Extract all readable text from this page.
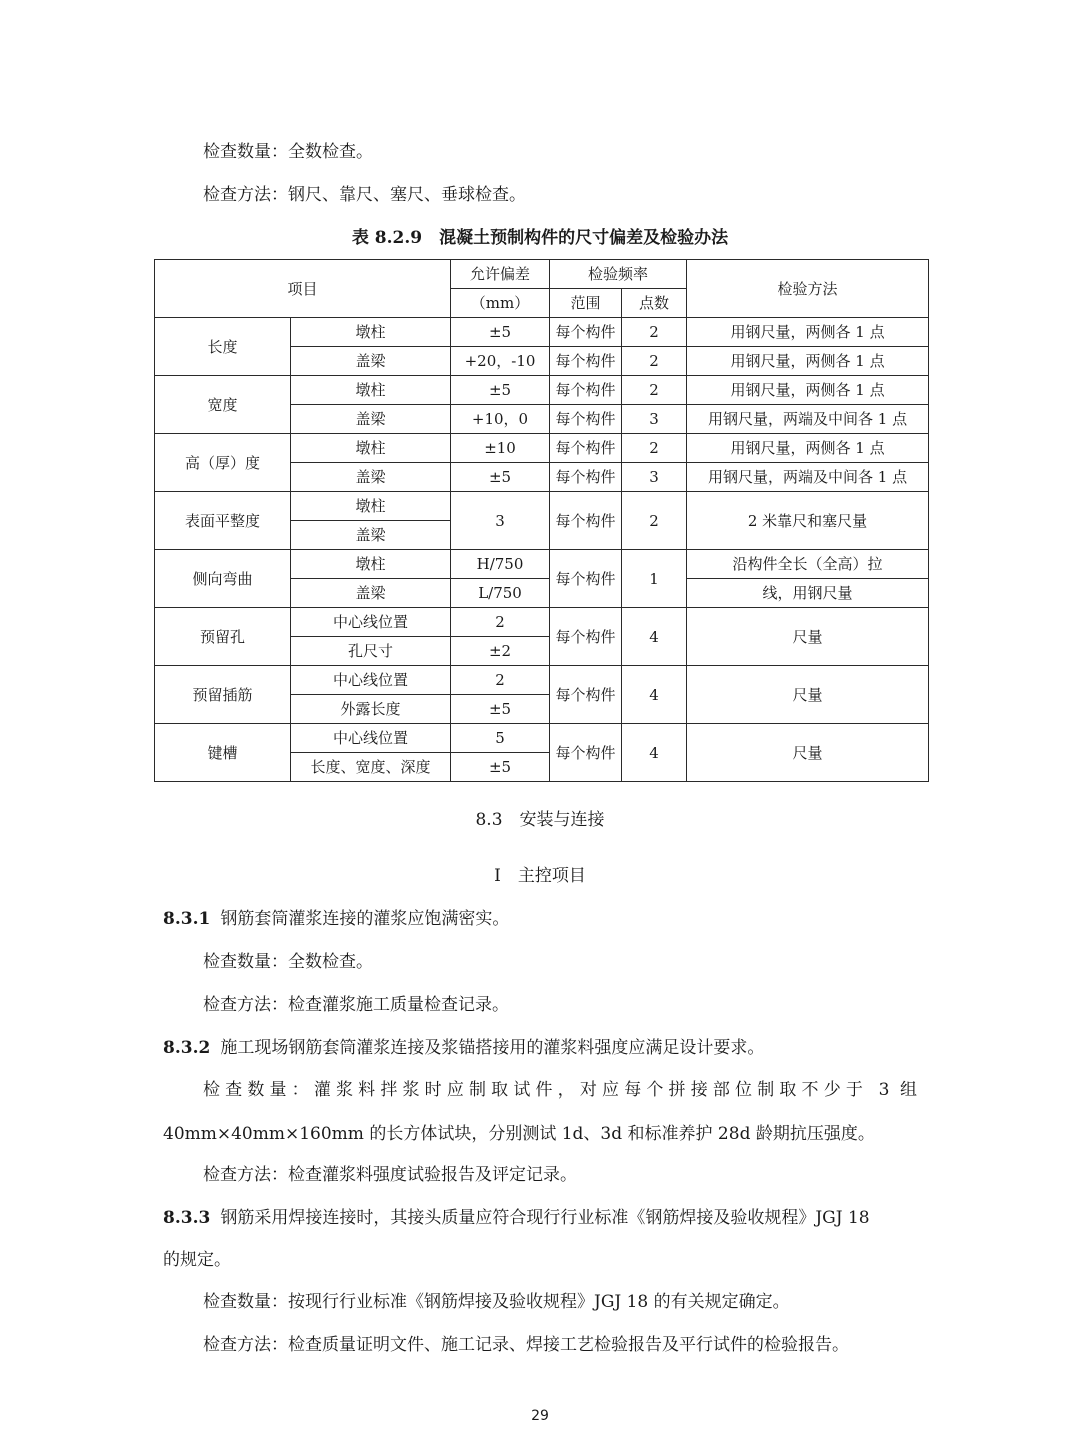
检查数量：全数检查。
检查方法：钢尺、靠尺、塞尺、垂球检查。
表 8.2.9　混凝土预制构件的尺寸偏差及检验办法
项目		允许偏差	检验频率		检验方法
		（mm）	范围	点数	
长度	墩柱	±5	每个构件	2	用钢尺量，两侧各 1 点
	盖梁	+20，-10	每个构件	2	用钢尺量，两侧各 1 点
宽度	墩柱	±5	每个构件	2	用钢尺量，两侧各 1 点
	盖梁	+10，0	每个构件	3	用钢尺量，两端及中间各 1 点
高（厚）度	墩柱	±10	每个构件	2	用钢尺量，两侧各 1 点
	盖梁	±5	每个构件	3	用钢尺量，两端及中间各 1 点
表面平整度	墩柱	3	每个构件	2	2 米靠尺和塞尺量
	盖梁				
侧向弯曲	墩柱	H/750	每个构件	1	沿构件全长（全高）拉
	盖梁	L/750			线，用钢尺量
预留孔	中心线位置	2	每个构件	4	尺量
	孔尺寸	±2			
预留插筋	中心线位置	2	每个构件	4	尺量
	外露长度	±5			
键槽	中心线位置	5	每个构件	4	尺量
	长度、宽度、深度	±5			
8.3　安装与连接
I　主控项目
8.3.1 钢筋套筒灌浆连接的灌浆应饱满密实。
检查数量：全数检查。
检查方法：检查灌浆施工质量检查记录。
8.3.2 施工现场钢筋套筒灌浆连接及浆锚搭接用的灌浆料强度应满足设计要求。
检查数量：灌浆料拌浆时应制取试件，对应每个拼接部位制取不少于 3 组
40mm×40mm×160mm 的长方体试块，分别测试 1d、3d 和标准养护 28d 龄期抗压强度。
检查方法：检查灌浆料强度试验报告及评定记录。
8.3.3 钢筋采用焊接连接时，其接头质量应符合现行行业标准《钢筋焊接及验收规程》JGJ 18
的规定。
检查数量：按现行行业标准《钢筋焊接及验收规程》JGJ 18 的有关规定确定。
检查方法：检查质量证明文件、施工记录、焊接工艺检验报告及平行试件的检验报告。
29
